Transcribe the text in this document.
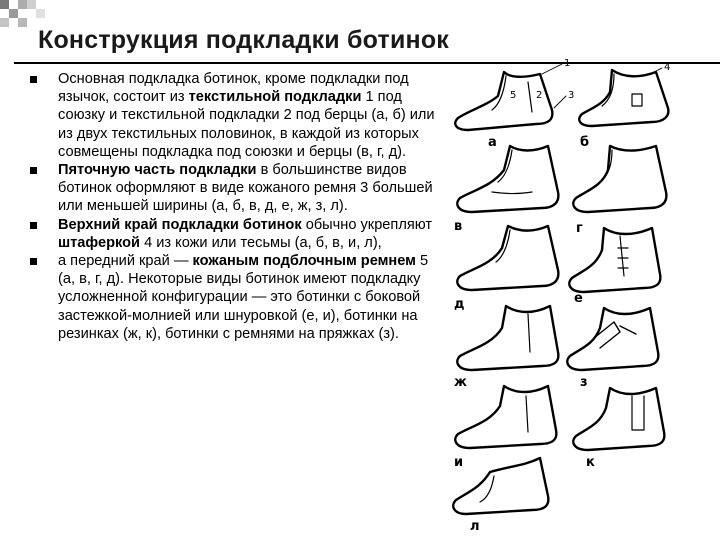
Конструкция подкладки ботинок
Основная подкладка ботинок, кроме подкладки под язычок, состоит из текстильной подкладки 1 под союзку и текстильной подкладки 2 под берцы (а, б) или из двух текстильных половинок, в каждой из которых совмещены подкладка под союзки и берцы (в, г, д).
Пяточную часть подкладки в большинстве видов ботинок оформляют в виде кожаного ремня 3 большей или меньшей ширины (а, б, в, д, е, ж, з, л).
Верхний край подкладки ботинок обычно укрепляют штаферкой 4 из кожи или тесьмы (а, б, в, и, л),
а передний край — кожаным подблочным ремнем 5 (а, в, г, д). Некоторые виды ботинок имеют подкладку усложненной конфигурации — это ботинки с боковой застежкой-молнией или шнуровкой (е, и), ботинки на резинках (ж, к), ботинки с ремнями на пряжках (з).
а	б
в	г
д	е
ж	з
и	к
л
1
2	3
4
5
